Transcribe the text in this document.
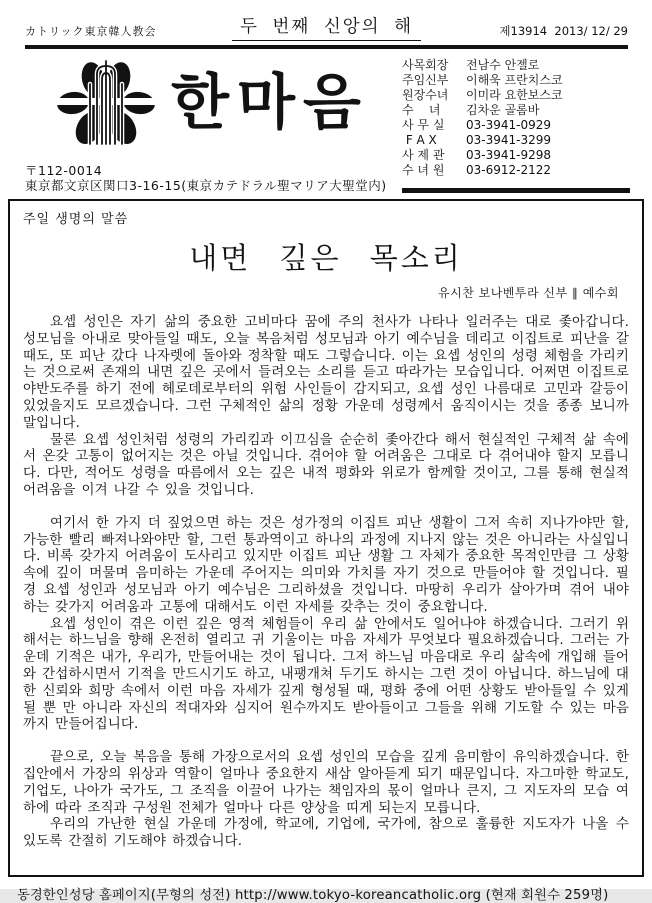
カトリック東京韓人教会	두 번째 신앙의 해	제13914  2013/ 12/ 29
한마음
〒112-0014
東京都文京区関口3-16-15(東京カテドラル聖マリア大聖堂内)
사목회장	전남수 안젤로
주임신부	이해욱 프란치스코
원장수녀	이미라 요한보스코
수    녀	김차운 골롬바
사 무 실	03-3941-0929
F A X	03-3941-3299
사 제 관	03-3941-9298
수 녀 원	03-6912-2122
주일 생명의 말씀
내면 깊은 목소리
유시찬 보나벤투라 신부 ∥ 예수회

요셉 성인은 자기 삶의 중요한 고비마다 꿈에 주의 천사가 나타나 일러주는 대로 좇아갑니다. 성모님을 아내로 맞아들일 때도, 오늘 복음처럼 성모님과 아기 예수님을 데리고 이집트로 피난을 갈 때도, 또 피난 갔다 나자렛에 돌아와 정착할 때도 그렇습니다. 이는 요셉 성인의 성령 체험을 가리키는 것으로써 존재의 내면 깊은 곳에서 들려오는 소리를 듣고 따라가는 모습입니다. 어쩌면 이집트로 야반도주를 하기 전에 헤로데로부터의 위험 사인들이 감지되고, 요셉 성인 나름대로 고민과 갈등이 있었을지도 모르겠습니다. 그런 구체적인 삶의 정황 가운데 성령께서 움직이시는 것을 종종 보니까 말입니다.

물론 요셉 성인처럼 성령의 가리킴과 이끄심을 순순히 좇아간다 해서 현실적인 구체적 삶 속에서 온갖 고통이 없어지는 것은 아닐 것입니다. 겪어야 할 어려움은 그대로 다 겪어내야 할지 모릅니다. 다만, 적어도 성령을 따름에서 오는 깊은 내적 평화와 위로가 함께할 것이고, 그를 통해 현실적 어려움을 이겨 나갈 수 있을 것입니다.

여기서 한 가지 더 짚었으면 하는 것은 성가정의 이집트 피난 생활이 그저 속히 지나가야만 할, 가능한 빨리 빠져나와야만 할, 그런 통과역이고 하나의 과정에 지나지 않는 것은 아니라는 사실입니다. 비록 갖가지 어려움이 도사리고 있지만 이집트 피난 생활 그 자체가 중요한 목적인만큼 그 상황 속에 깊이 머물며 음미하는 가운데 주어지는 의미와 가치를 자기 것으로 만들어야 할 것입니다. 필경 요셉 성인과 성모님과 아기 예수님은 그리하셨을 것입니다. 마땅히 우리가 살아가며 겪어 내야 하는 갖가지 어려움과 고통에 대해서도 이런 자세를 갖추는 것이 중요합니다.

요셉 성인이 겪은 이런 깊은 영적 체험들이 우리 삶 안에서도 일어나야 하겠습니다. 그러기 위해서는 하느님을 향해 온전히 열리고 귀 기울이는 마음 자세가 무엇보다 필요하겠습니다. 그러는 가운데 기적은 내가, 우리가, 만들어내는 것이 됩니다. 그저 하느님 마음대로 우리 삶속에 개입해 들어와 간섭하시면서 기적을 만드시기도 하고, 내팽개쳐 두기도 하시는 그런 것이 아닙니다. 하느님에 대한 신뢰와 희망 속에서 이런 마음 자세가 깊게 형성될 때, 평화 중에 어떤 상황도 받아들일 수 있게 될 뿐 만 아니라 자신의 적대자와 심지어 원수까지도 받아들이고 그들을 위해 기도할 수 있는 마음까지 만들어집니다.

끝으로, 오늘 복음을 통해 가장으로서의 요셉 성인의 모습을 깊게 음미함이 유익하겠습니다. 한집안에서 가장의 위상과 역할이 얼마나 중요한지 새삼 알아듣게 되기 때문입니다. 자그마한 학교도, 기업도, 나아가 국가도, 그 조직을 이끌어 나가는 책임자의 몫이 얼마나 큰지, 그 지도자의 모습 여하에 따라 조직과 구성원 전체가 얼마나 다른 양상을 띠게 되는지 모릅니다.

우리의 가난한 현실 가운데 가정에, 학교에, 기업에, 국가에, 참으로 훌륭한 지도자가 나올 수 있도록 간절히 기도해야 하겠습니다.

동경한인성당 홈페이지(무형의 성전) http://www.tokyo-koreancatholic.org (현재 회원수 259명)
